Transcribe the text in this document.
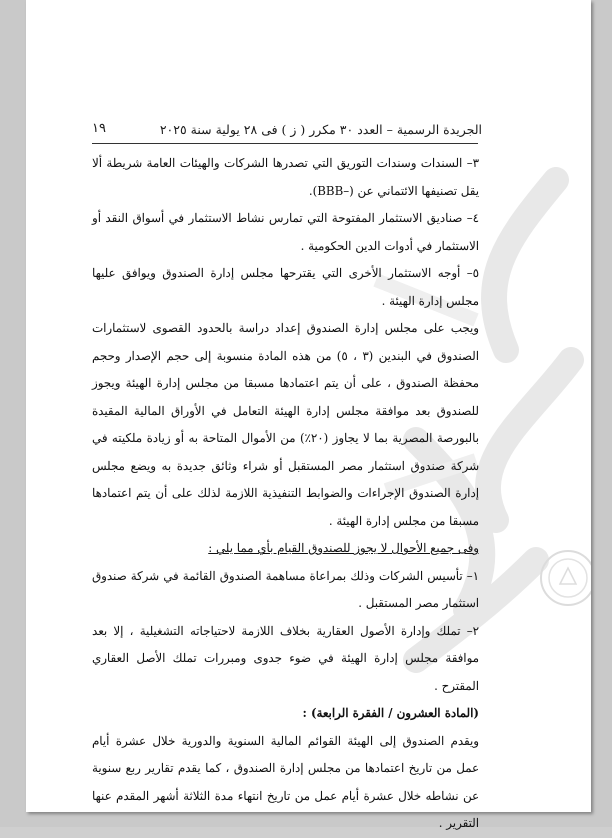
الجريدة الرسمية – العدد ٣٠ مكرر ( ز ) فى ٢٨ يولية سنة ٢٠٢٥
١٩

٣– السندات وسندات التوريق التي تصدرها الشركات والهيئات العامة شريطة ألا يقل تصنيفها الائتماني عن (–BBB).

٤– صناديق الاستثمار المفتوحة التي تمارس نشاط الاستثمار في أسواق النقد أو الاستثمار في أدوات الدين الحكومية .

٥– أوجه الاستثمار الأخرى التي يقترحها مجلس إدارة الصندوق ويوافق عليها مجلس إدارة الهيئة .

ويجب على مجلس إدارة الصندوق إعداد دراسة بالحدود القصوى لاستثمارات الصندوق في البندين (٣ ، ٥) من هذه المادة منسوبة إلى حجم الإصدار وحجم محفظة الصندوق ، على أن يتم اعتمادها مسبقا من مجلس إدارة الهيئة ويجوز للصندوق بعد موافقة مجلس إدارة الهيئة التعامل في الأوراق المالية المقيدة بالبورصة المصرية بما لا يجاوز (٢٠٪) من الأموال المتاحة به أو زيادة ملكيته في شركة صندوق استثمار مصر المستقبل أو شراء وثائق جديدة به ويضع مجلس إدارة الصندوق الإجراءات والضوابط التنفيذية اللازمة لذلك على أن يتم اعتمادها مسبقا من مجلس إدارة الهيئة .

وفى جميع الأحوال لا يجوز للصندوق القيام بأي مما يلي :

١– تأسيس الشركات وذلك بمراعاة مساهمة الصندوق القائمة في شركة صندوق استثمار مصر المستقبل .

٢– تملك وإدارة الأصول العقارية بخلاف اللازمة لاحتياجاته التشغيلية ، إلا بعد موافقة مجلس إدارة الهيئة في ضوء جدوى ومبررات تملك الأصل العقاري المقترح .

(المادة العشرون / الفقرة الرابعة) :

ويقدم الصندوق إلى الهيئة القوائم المالية السنوية والدورية خلال عشرة أيام عمل من تاريخ اعتمادها من مجلس إدارة الصندوق ، كما يقدم تقارير ربع سنوية عن نشاطه خلال عشرة أيام عمل من تاريخ انتهاء مدة الثلاثة أشهر المقدم عنها التقرير .
